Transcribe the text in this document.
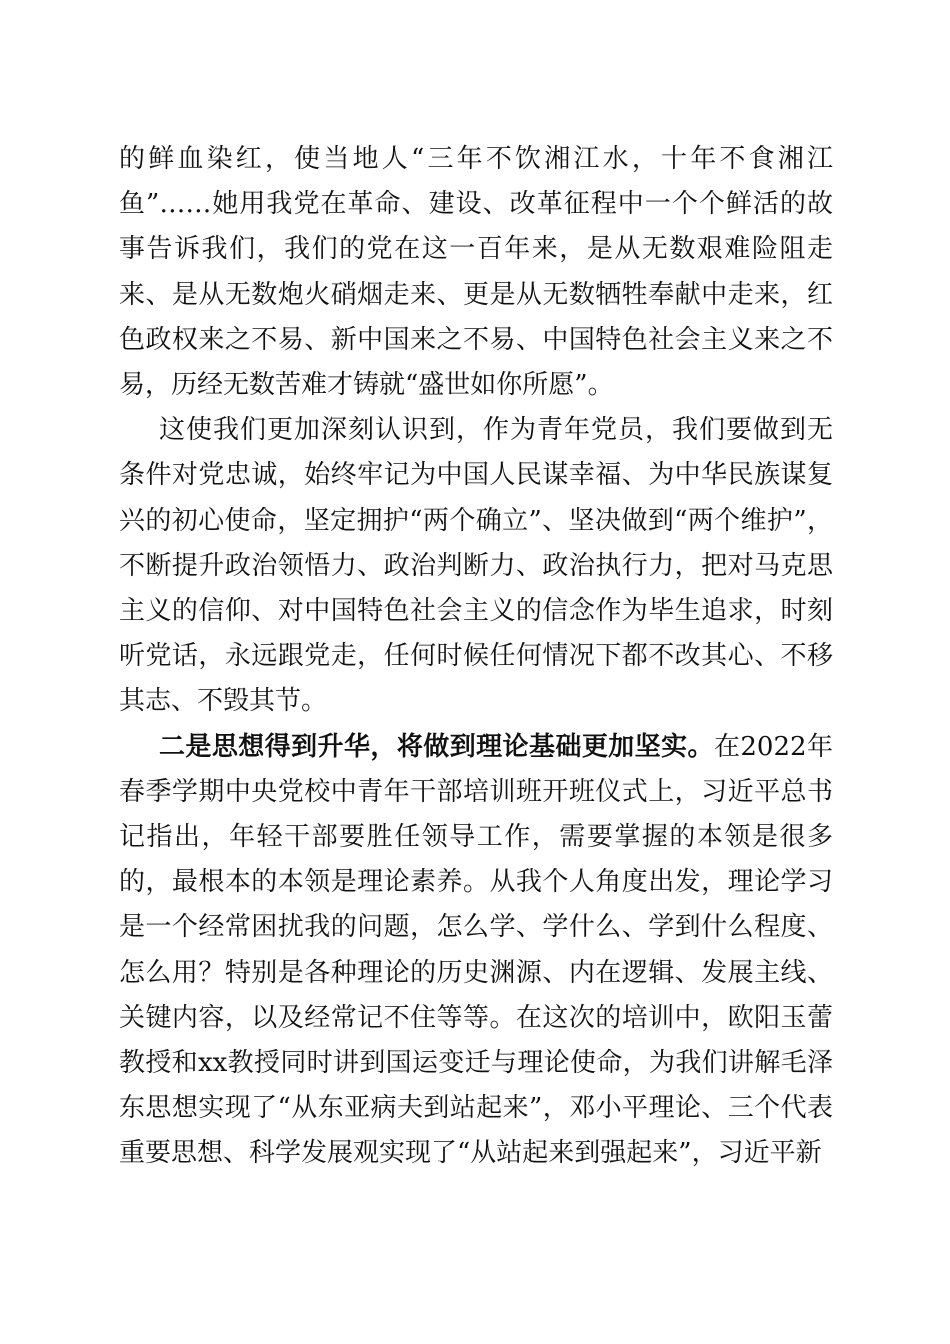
的鲜血染红，使当地人“三年不饮湘江水，十年不食湘江鱼”……她用我党在革命、建设、改革征程中一个个鲜活的故事告诉我们，我们的党在这一百年来，是从无数艰难险阻走来、是从无数炮火硝烟走来、更是从无数牺牲奉献中走来，红色政权来之不易、新中国来之不易、中国特色社会主义来之不易，历经无数苦难才铸就“盛世如你所愿”。

这使我们更加深刻认识到，作为青年党员，我们要做到无条件对党忠诚，始终牢记为中国人民谋幸福、为中华民族谋复兴的初心使命，坚定拥护“两个确立”、坚决做到“两个维护”，不断提升政治领悟力、政治判断力、政治执行力，把对马克思主义的信仰、对中国特色社会主义的信念作为毕生追求，时刻听党话，永远跟党走，任何时候任何情况下都不改其心、不移其志、不毁其节。

二是思想得到升华，将做到理论基础更加坚实。在2022年春季学期中央党校中青年干部培训班开班仪式上，习近平总书记指出，年轻干部要胜任领导工作，需要掌握的本领是很多的，最根本的本领是理论素养。从我个人角度出发，理论学习是一个经常困扰我的问题，怎么学、学什么、学到什么程度、怎么用？特别是各种理论的历史渊源、内在逻辑、发展主线、关键内容，以及经常记不住等等。在这次的培训中，欧阳玉蕾教授和xx教授同时讲到国运变迁与理论使命，为我们讲解毛泽东思想实现了“从东亚病夫到站起来”，邓小平理论、三个代表重要思想、科学发展观实现了“从站起来到强起来”，习近平新
